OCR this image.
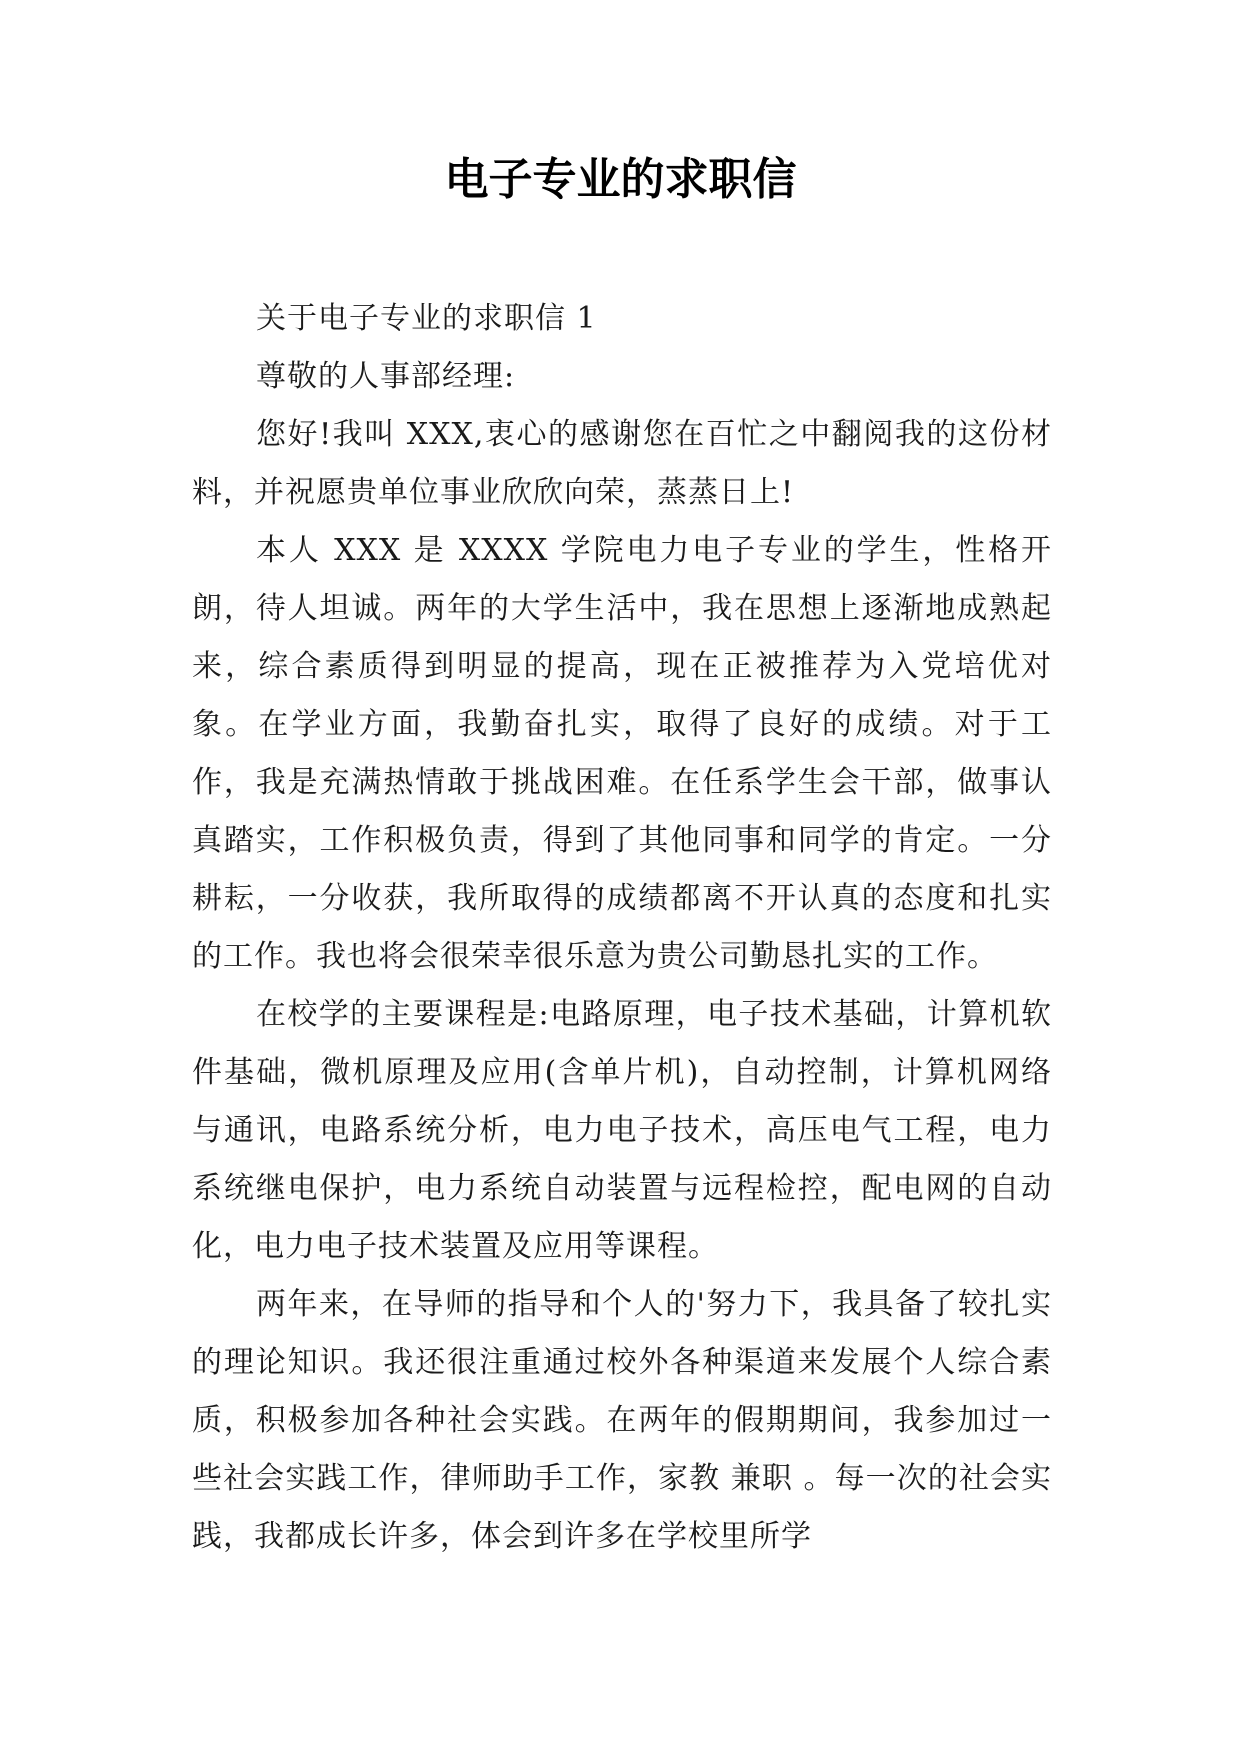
电子专业的求职信

关于电子专业的求职信 1

尊敬的人事部经理:

您好!我叫 XXX,衷心的感谢您在百忙之中翻阅我的这份材料，并祝愿贵单位事业欣欣向荣，蒸蒸日上!

本人 XXX 是 XXXX 学院电力电子专业的学生，性格开朗，待人坦诚。两年的大学生活中，我在思想上逐渐地成熟起来，综合素质得到明显的提高，现在正被推荐为入党培优对象。在学业方面，我勤奋扎实，取得了良好的成绩。对于工作，我是充满热情敢于挑战困难。在任系学生会干部，做事认真踏实，工作积极负责，得到了其他同事和同学的肯定。一分耕耘，一分收获，我所取得的成绩都离不开认真的态度和扎实的工作。我也将会很荣幸很乐意为贵公司勤恳扎实的工作。

在校学的主要课程是:电路原理，电子技术基础，计算机软件基础，微机原理及应用(含单片机)，自动控制，计算机网络与通讯，电路系统分析，电力电子技术，高压电气工程，电力系统继电保护，电力系统自动装置与远程检控，配电网的自动化，电力电子技术装置及应用等课程。

两年来，在导师的指导和个人的'努力下，我具备了较扎实的理论知识。我还很注重通过校外各种渠道来发展个人综合素质，积极参加各种社会实践。在两年的假期期间，我参加过一些社会实践工作，律师助手工作，家教 兼职 。每一次的社会实践，我都成长许多，体会到许多在学校里所学
